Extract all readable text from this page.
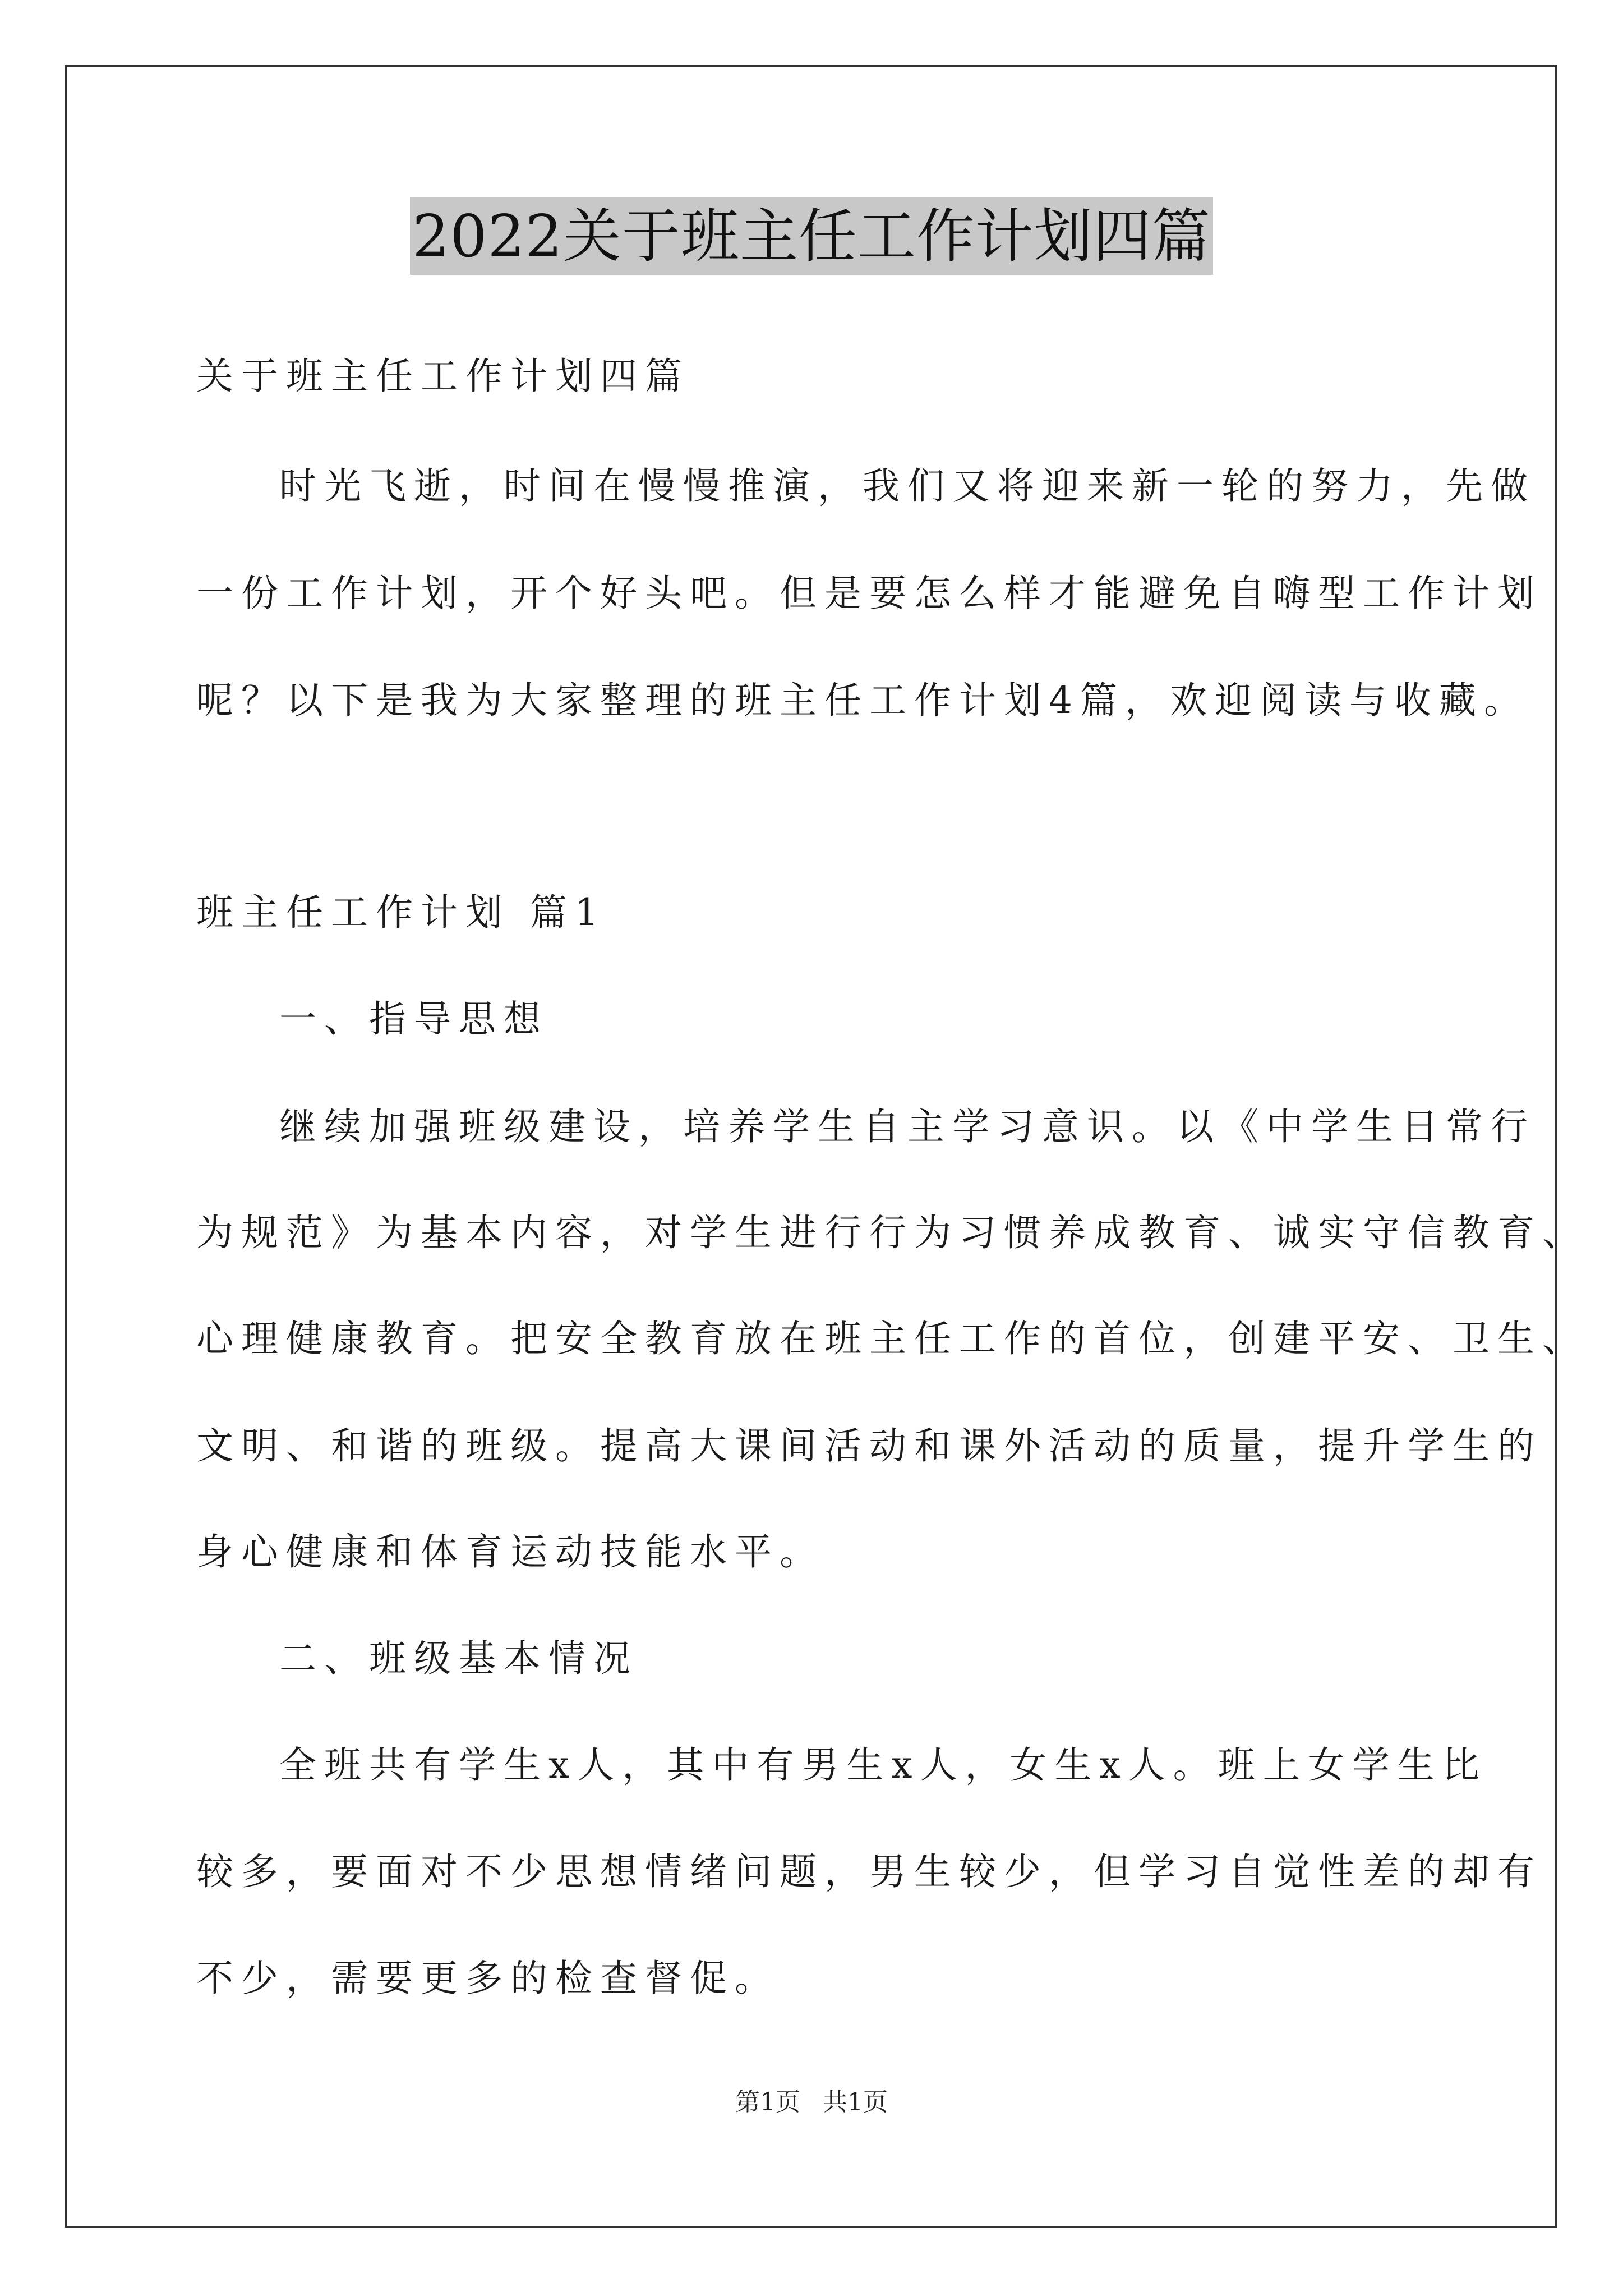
2022关于班主任工作计划四篇
关于班主任工作计划四篇
时光飞逝，时间在慢慢推演，我们又将迎来新一轮的努力，先做
一份工作计划，开个好头吧。但是要怎么样才能避免自嗨型工作计划
呢？以下是我为大家整理的班主任工作计划4篇，欢迎阅读与收藏。
班主任工作计划 篇1
一、指导思想
继续加强班级建设，培养学生自主学习意识。以《中学生日常行
为规范》为基本内容，对学生进行行为习惯养成教育、诚实守信教育、
心理健康教育。把安全教育放在班主任工作的首位，创建平安、卫生、
文明、和谐的班级。提高大课间活动和课外活动的质量，提升学生的
身心健康和体育运动技能水平。
二、班级基本情况
全班共有学生x人，其中有男生x人，女生x人。班上女学生比
较多，要面对不少思想情绪问题，男生较少，但学习自觉性差的却有
不少，需要更多的检查督促。
第1页 共1页
